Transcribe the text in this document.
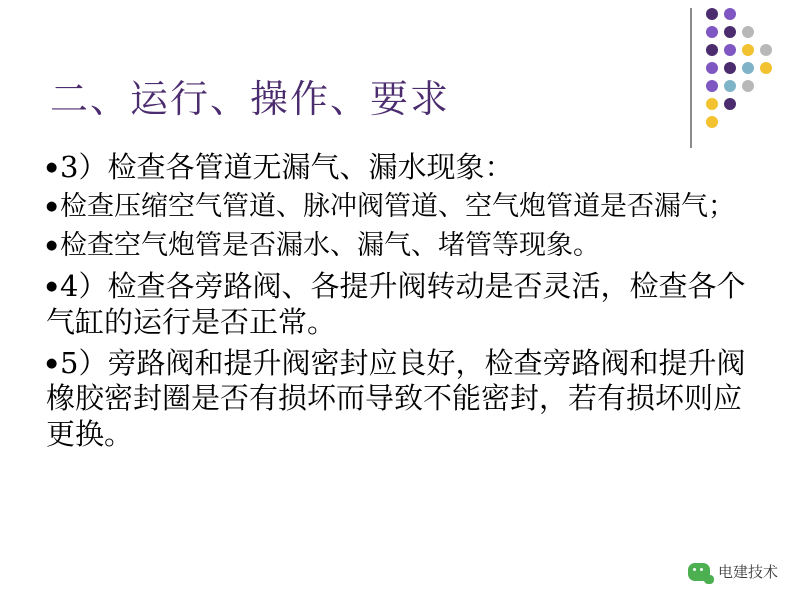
二、运行、操作、要求
●3）检查各管道无漏气、漏水现象：
●检查压缩空气管道、脉冲阀管道、空气炮管道是否漏气；
●检查空气炮管是否漏水、漏气、堵管等现象。
●4）检查各旁路阀、各提升阀转动是否灵活，检查各个气缸的运行是否正常。
●5）旁路阀和提升阀密封应良好，检查旁路阀和提升阀橡胶密封圈是否有损坏而导致不能密封，若有损坏则应更换。
电建技术
